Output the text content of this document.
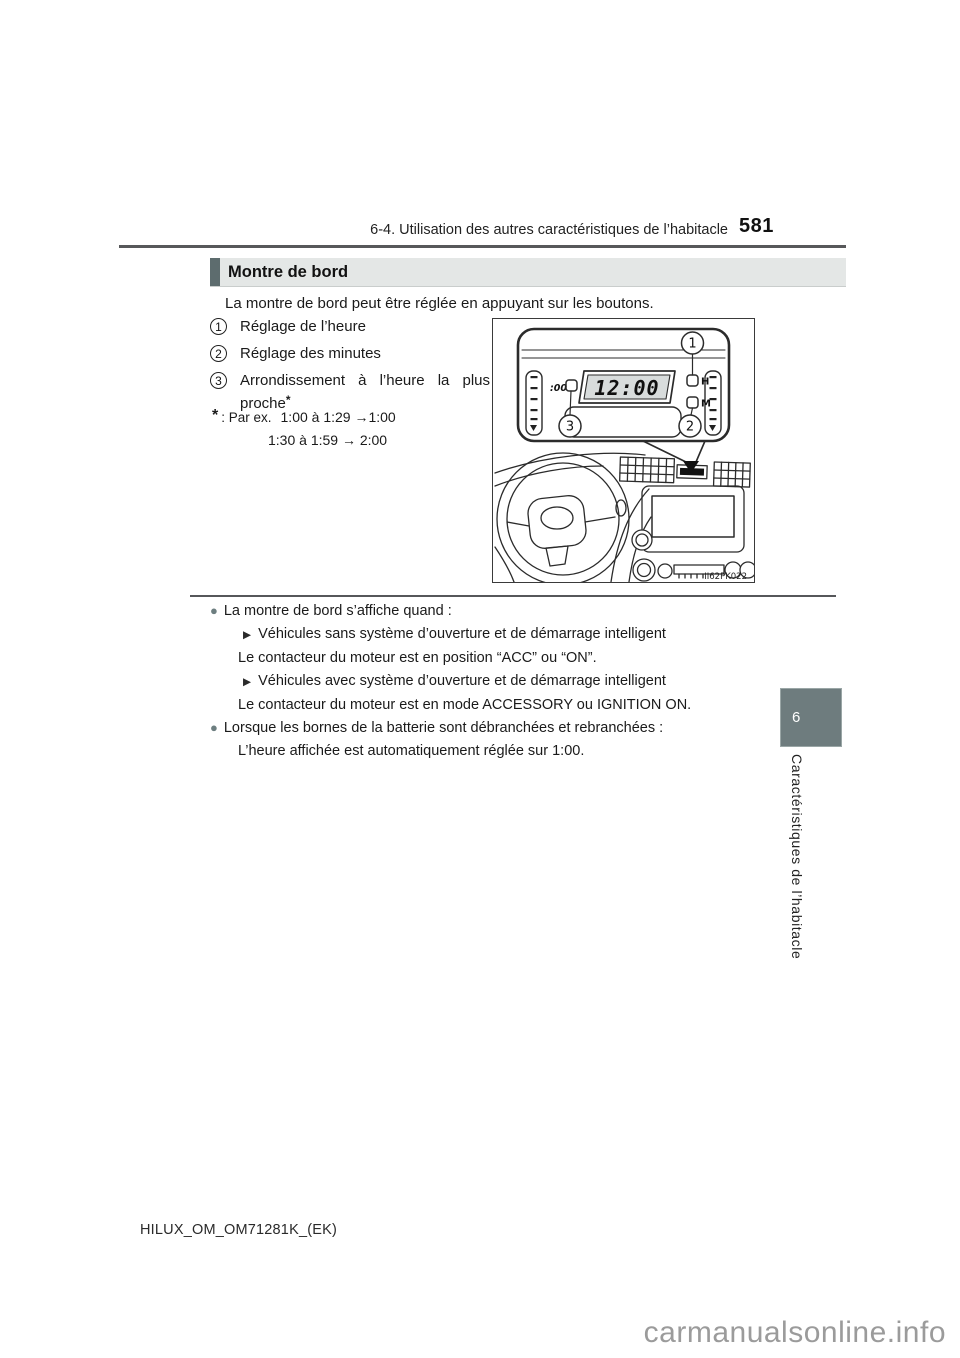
6-4. Utilisation des autres caractéristiques de l’habitacle 581
Montre de bord
La montre de bord peut être réglée en appuyant sur les boutons.
1	Réglage de l’heure
2	Réglage des minutes
3	Arrondissement à l’heure la plus proche*
* : Par ex. 1:00 à 1:29 →1:00
1:30 à 1:59 → 2:00
:00 12:00	H
M
1
2
3
II62PK022
● La montre de bord s’affiche quand :
▶ Véhicules sans système d’ouverture et de démarrage intelligent
Le contacteur du moteur est en position “ACC” ou “ON”.
▶ Véhicules avec système d’ouverture et de démarrage intelligent
Le contacteur du moteur est en mode ACCESSORY ou IGNITION ON.
● Lorsque les bornes de la batterie sont débranchées et rebranchées :
L’heure affichée est automatiquement réglée sur 1:00.
6
Caractéristiques de l’habitacle
HILUX_OM_OM71281K_(EK)
carmanualsonline.info
